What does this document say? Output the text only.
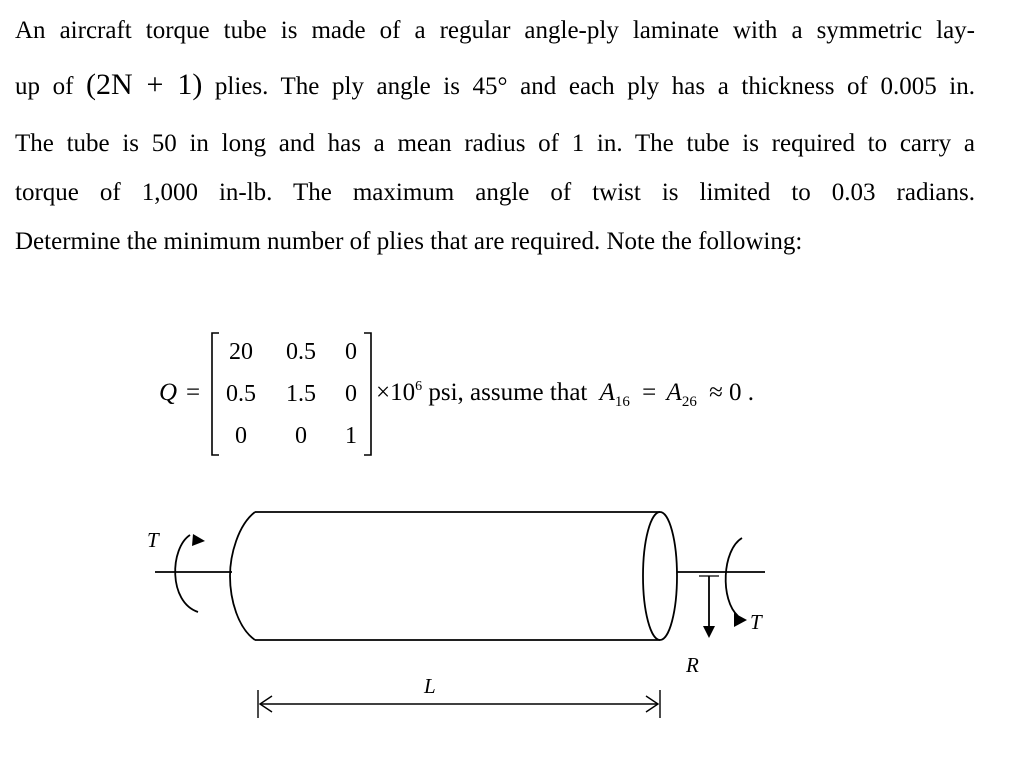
An aircraft torque tube is made of a regular angle-ply laminate with a symmetric lay-
up of (2N + 1) plies. The ply angle is 45° and each ply has a thickness of 0.005 in.
The tube is 50 in long and has a mean radius of 1 in. The tube is required to carry a
torque of 1,000 in-lb. The maximum angle of twist is limited to 0.03 radians.
Determine the minimum number of plies that are required. Note the following:
Q =
20	0.5	0
0.5	1.5	0
0	0	1
$\times 10^6$ psi, assume that $A_{16} = A_{26} \approx 0$ .
T
T
R
L
